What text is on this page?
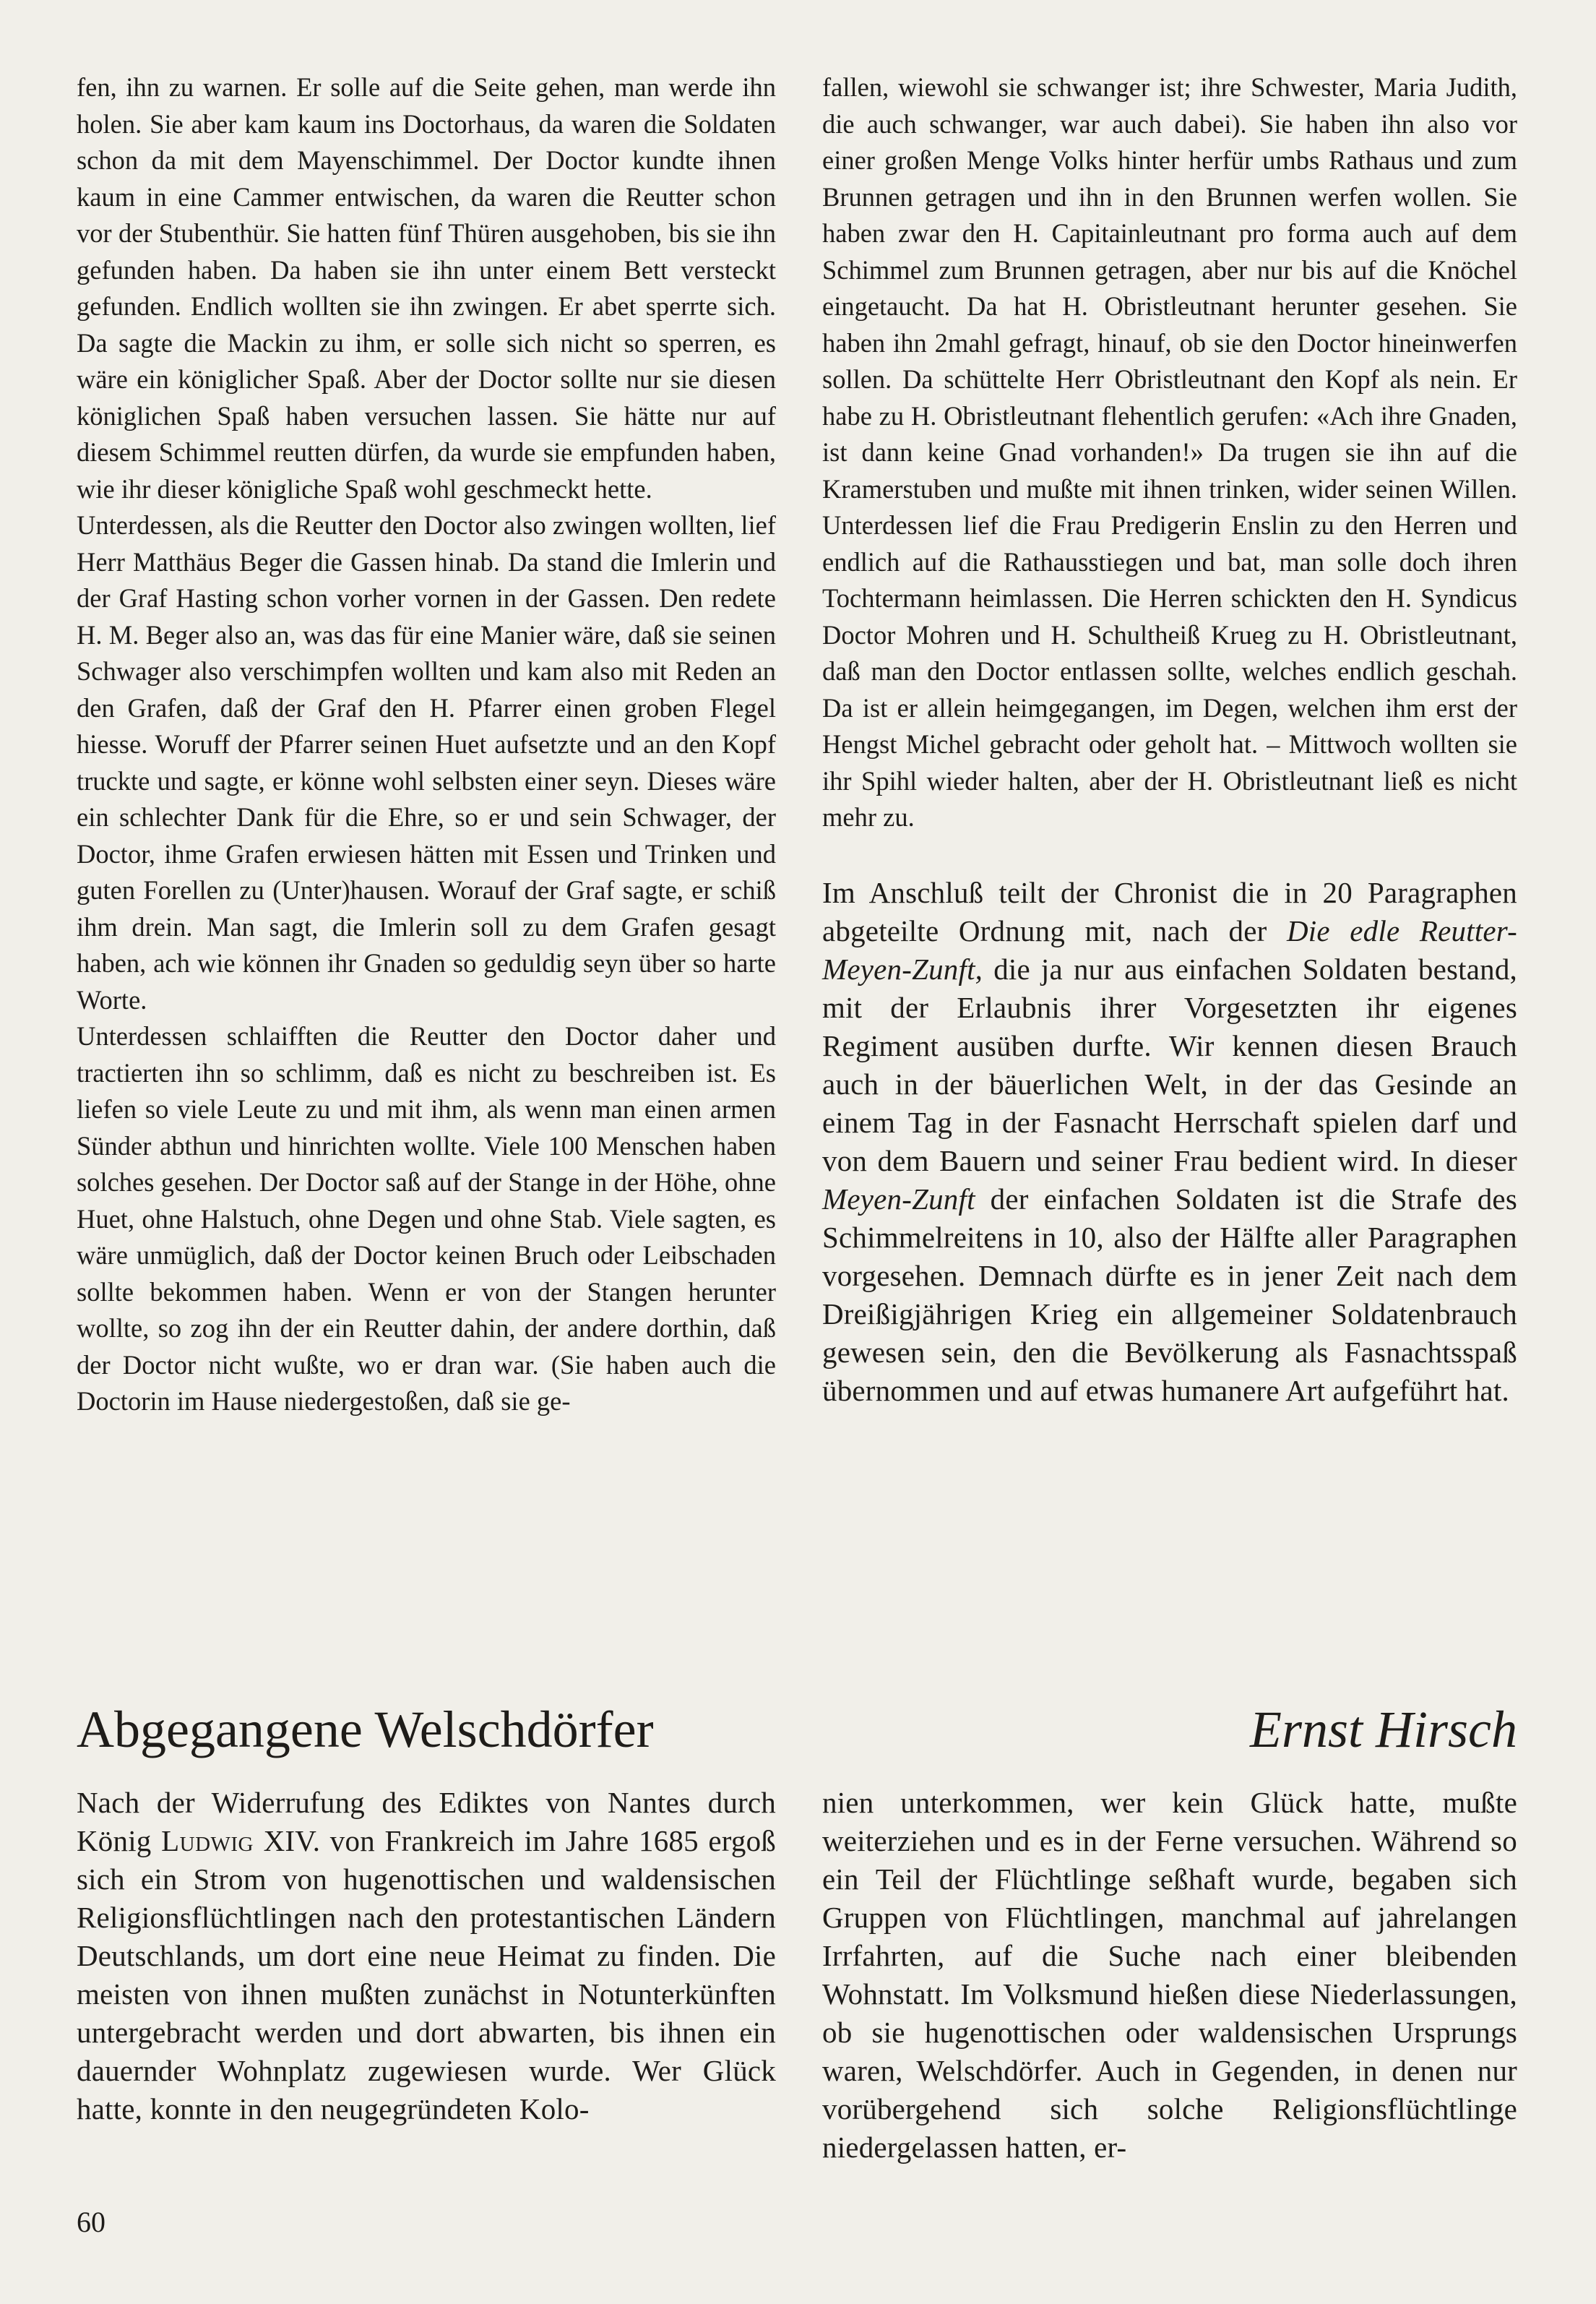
fen, ihn zu warnen. Er solle auf die Seite gehen, man werde ihn holen. Sie aber kam kaum ins Doctorhaus, da waren die Soldaten schon da mit dem Mayenschimmel. Der Doctor kundte ihnen kaum in eine Cammer entwischen, da waren die Reutter schon vor der Stubenthür. Sie hatten fünf Thüren ausgehoben, bis sie ihn gefunden haben. Da haben sie ihn unter einem Bett versteckt gefunden. Endlich wollten sie ihn zwingen. Er abet sperrte sich. Da sagte die Mackin zu ihm, er solle sich nicht so sperren, es wäre ein königlicher Spaß. Aber der Doctor sollte nur sie diesen königlichen Spaß haben versuchen lassen. Sie hätte nur auf diesem Schimmel reutten dürfen, da wurde sie empfunden haben, wie ihr dieser königliche Spaß wohl geschmeckt hette.

Unterdessen, als die Reutter den Doctor also zwingen wollten, lief Herr Matthäus Beger die Gassen hinab. Da stand die Imlerin und der Graf Hasting schon vorher vornen in der Gassen. Den redete H. M. Beger also an, was das für eine Manier wäre, daß sie seinen Schwager also verschimpfen wollten und kam also mit Reden an den Grafen, daß der Graf den H. Pfarrer einen groben Flegel hiesse. Woruff der Pfarrer seinen Huet aufsetzte und an den Kopf truckte und sagte, er könne wohl selbsten einer seyn. Dieses wäre ein schlechter Dank für die Ehre, so er und sein Schwager, der Doctor, ihme Grafen erwiesen hätten mit Essen und Trinken und guten Forellen zu (Unter)hausen. Worauf der Graf sagte, er schiß ihm drein. Man sagt, die Imlerin soll zu dem Grafen gesagt haben, ach wie können ihr Gnaden so geduldig seyn über so harte Worte.

Unterdessen schlaifften die Reutter den Doctor daher und tractierten ihn so schlimm, daß es nicht zu beschreiben ist. Es liefen so viele Leute zu und mit ihm, als wenn man einen armen Sünder abthun und hinrichten wollte. Viele 100 Menschen haben solches gesehen. Der Doctor saß auf der Stange in der Höhe, ohne Huet, ohne Halstuch, ohne Degen und ohne Stab. Viele sagten, es wäre unmüglich, daß der Doctor keinen Bruch oder Leibschaden sollte bekommen haben. Wenn er von der Stangen herunter wollte, so zog ihn der ein Reutter dahin, der andere dorthin, daß der Doctor nicht wußte, wo er dran war. (Sie haben auch die Doctorin im Hause niedergestoßen, daß sie ge-

fallen, wiewohl sie schwanger ist; ihre Schwester, Maria Judith, die auch schwanger, war auch dabei). Sie haben ihn also vor einer großen Menge Volks hinter herfür umbs Rathaus und zum Brunnen getragen und ihn in den Brunnen werfen wollen. Sie haben zwar den H. Capitainleutnant pro forma auch auf dem Schimmel zum Brunnen getragen, aber nur bis auf die Knöchel eingetaucht. Da hat H. Obristleutnant herunter gesehen. Sie haben ihn 2mahl gefragt, hinauf, ob sie den Doctor hineinwerfen sollen. Da schüttelte Herr Obristleutnant den Kopf als nein. Er habe zu H. Obristleutnant flehentlich gerufen: «Ach ihre Gnaden, ist dann keine Gnad vorhanden!» Da trugen sie ihn auf die Kramerstuben und mußte mit ihnen trinken, wider seinen Willen. Unterdessen lief die Frau Predigerin Enslin zu den Herren und endlich auf die Rathausstiegen und bat, man solle doch ihren Tochtermann heimlassen. Die Herren schickten den H. Syndicus Doctor Mohren und H. Schultheiß Krueg zu H. Obristleutnant, daß man den Doctor entlassen sollte, welches endlich geschah. Da ist er allein heimgegangen, im Degen, welchen ihm erst der Hengst Michel gebracht oder geholt hat. – Mittwoch wollten sie ihr Spihl wieder halten, aber der H. Obristleutnant ließ es nicht mehr zu.

Im Anschluß teilt der Chronist die in 20 Paragraphen abgeteilte Ordnung mit, nach der Die edle Reutter-Meyen-Zunft, die ja nur aus einfachen Soldaten bestand, mit der Erlaubnis ihrer Vorgesetzten ihr eigenes Regiment ausüben durfte. Wir kennen diesen Brauch auch in der bäuerlichen Welt, in der das Gesinde an einem Tag in der Fasnacht Herrschaft spielen darf und von dem Bauern und seiner Frau bedient wird. In dieser Meyen-Zunft der einfachen Soldaten ist die Strafe des Schimmelreitens in 10, also der Hälfte aller Paragraphen vorgesehen. Demnach dürfte es in jener Zeit nach dem Dreißigjährigen Krieg ein allgemeiner Soldatenbrauch gewesen sein, den die Bevölkerung als Fasnachtsspaß übernommen und auf etwas humanere Art aufgeführt hat.

Abgegangene Welschdörfer	Ernst Hirsch

Nach der Widerrufung des Ediktes von Nantes durch König Ludwig XIV. von Frankreich im Jahre 1685 ergoß sich ein Strom von hugenottischen und waldensischen Religionsflüchtlingen nach den protestantischen Ländern Deutschlands, um dort eine neue Heimat zu finden. Die meisten von ihnen mußten zunächst in Notunterkünften untergebracht werden und dort abwarten, bis ihnen ein dauernder Wohnplatz zugewiesen wurde. Wer Glück hatte, konnte in den neugegründeten Kolo-

nien unterkommen, wer kein Glück hatte, mußte weiterziehen und es in der Ferne versuchen. Während so ein Teil der Flüchtlinge seßhaft wurde, begaben sich Gruppen von Flüchtlingen, manchmal auf jahrelangen Irrfahrten, auf die Suche nach einer bleibenden Wohnstatt. Im Volksmund hießen diese Niederlassungen, ob sie hugenottischen oder waldensischen Ursprungs waren, Welschdörfer. Auch in Gegenden, in denen nur vorübergehend sich solche Religionsflüchtlinge niedergelassen hatten, er-

60
